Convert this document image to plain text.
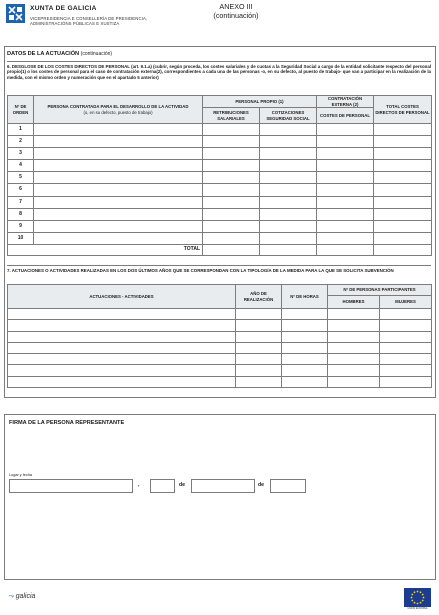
XUNTA DE GALICIA
VICEPRESIDENCIA E CONSELLERÍA DE PRESIDENCIA,
ADMINISTRACIÓNS PÚBLICAS E XUSTIZA
ANEXO III
(continuación)
DATOS DE LA ACTUACIÓN (continuación)
6. DESGLOSE DE LOS COSTES DIRECTOS DE PERSONAL (art. 9.1.a) (cubrir, según proceda, los costes salariales y de cuotas a la Seguridad Social a cargo de la entidad solicitante respecto del personal propio(1) o los costes de personal para el caso de contratación externa(2), correspondientes a cada una de las personas -o, en su defecto, al puesto de trabajo- que van a participar en la realización de la medida, con el mismo orden y numeración que en el apartado 5 anterior)
Nº DE ORDEN	PERSONA CONTRATADA PARA EL DESARROLLO DE LA ACTIVIDAD
(o, en su defecto, puesto de trabajo)	PERSONAL PROPIO (1)		CONTRATACIÓN EXTERNA (2)	TOTAL COSTES DIRECTOS DE PERSONAL
		RETRIBUCIONES SALARIALES	COTIZACIONES SEGURIDAD SOCIAL	COSTES DE PERSONAL	
1					
2					
3					
4					
5					
6					
7					
8					
9					
10					
TOTAL					
7. ACTUACIONES O ACTIVIDADES REALIZADAS EN LOS DOS ÚLTIMOS AÑOS QUE SE CORRESPONDAN CON LA TIPOLOGÍA DE LA MEDIDA PARA LA QUE SE SOLICITA SUBVENCIÓN
ACTUACIONES - ACTIVIDADES	AÑO DE REALIZACIÓN	Nº DE HORAS	Nº DE PERSONAS PARTICIPANTES	
			HOMBRES	MUJERES

FIRMA DE LA PERSONA REPRESENTANTE
Lugar y fecha
,	de	de
⤳ galicia
UNIÓN EUROPEA
